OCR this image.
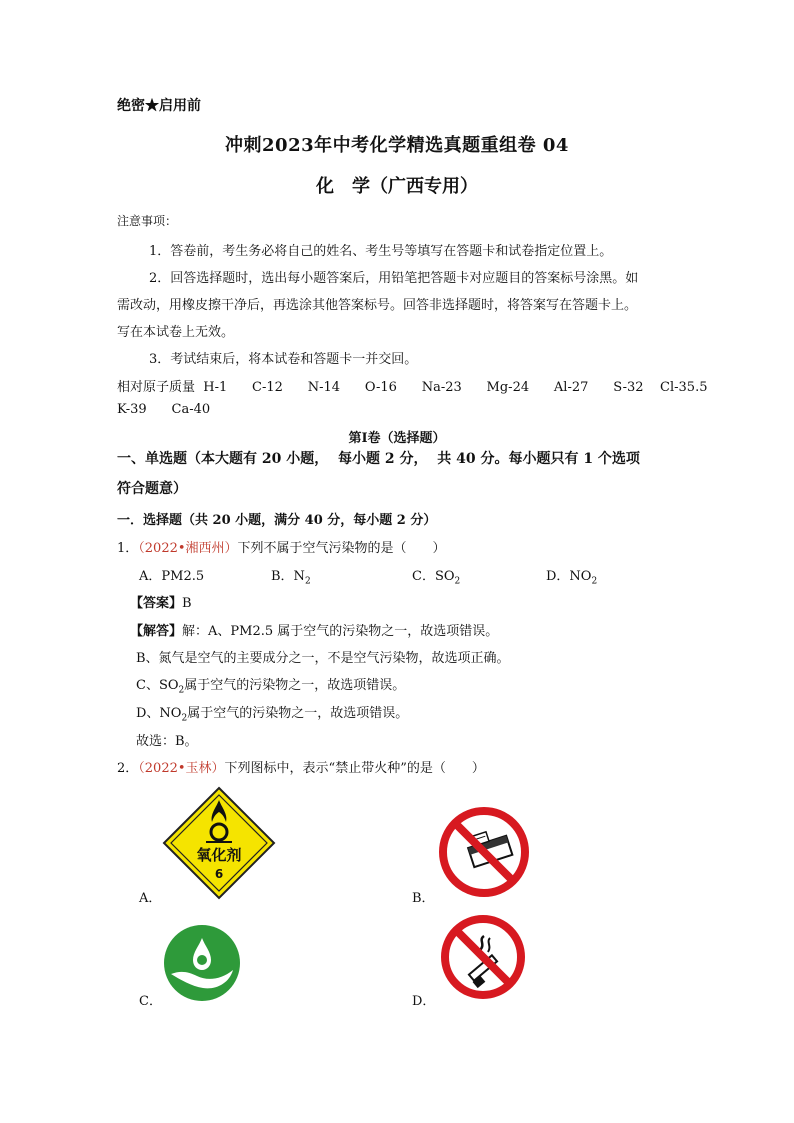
绝密★启用前
冲刺2023年中考化学精选真题重组卷 04
化　学（广西专用）
注意事项：
1．答卷前，考生务必将自己的姓名、考生号等填写在答题卡和试卷指定位置上。
2．回答选择题时，选出每小题答案后，用铅笔把答题卡对应题目的答案标号涂黑。如
需改动，用橡皮擦干净后，再选涂其他答案标号。回答非选择题时，将答案写在答题卡上。
写在本试卷上无效。
3．考试结束后，将本试卷和答题卡一并交回。
相对原子质量  H-1      C-12      N-14      O-16      Na-23      Mg-24      Al-27      S-32    Cl-35.5
K-39      Ca-40
第Ⅰ卷（选择题）
一、单选题（本大题有 20 小题，  每小题 2 分，  共 40 分。每小题只有 1 个选项
符合题意）
一．选择题（共 20 小题，满分 40 分，每小题 2 分）
1．（2022•湘西州）下列不属于空气污染物的是（　　）
A．PM2.5	B．$N_2$	C．$SO_2$	D．$NO_2$
【答案】B
【解答】解：A、PM2.5 属于空气的污染物之一，故选项错误。
B、氮气是空气的主要成分之一，不是空气污染物，故选项正确。
C、$SO_2$属于空气的污染物之一，故选项错误。
D、$NO_2$属于空气的污染物之一，故选项错误。
故选：B。
2．（2022•玉林）下列图标中，表示“禁止带火种”的是（　　）
氧化剂
6
A．	B．
C．	D．
